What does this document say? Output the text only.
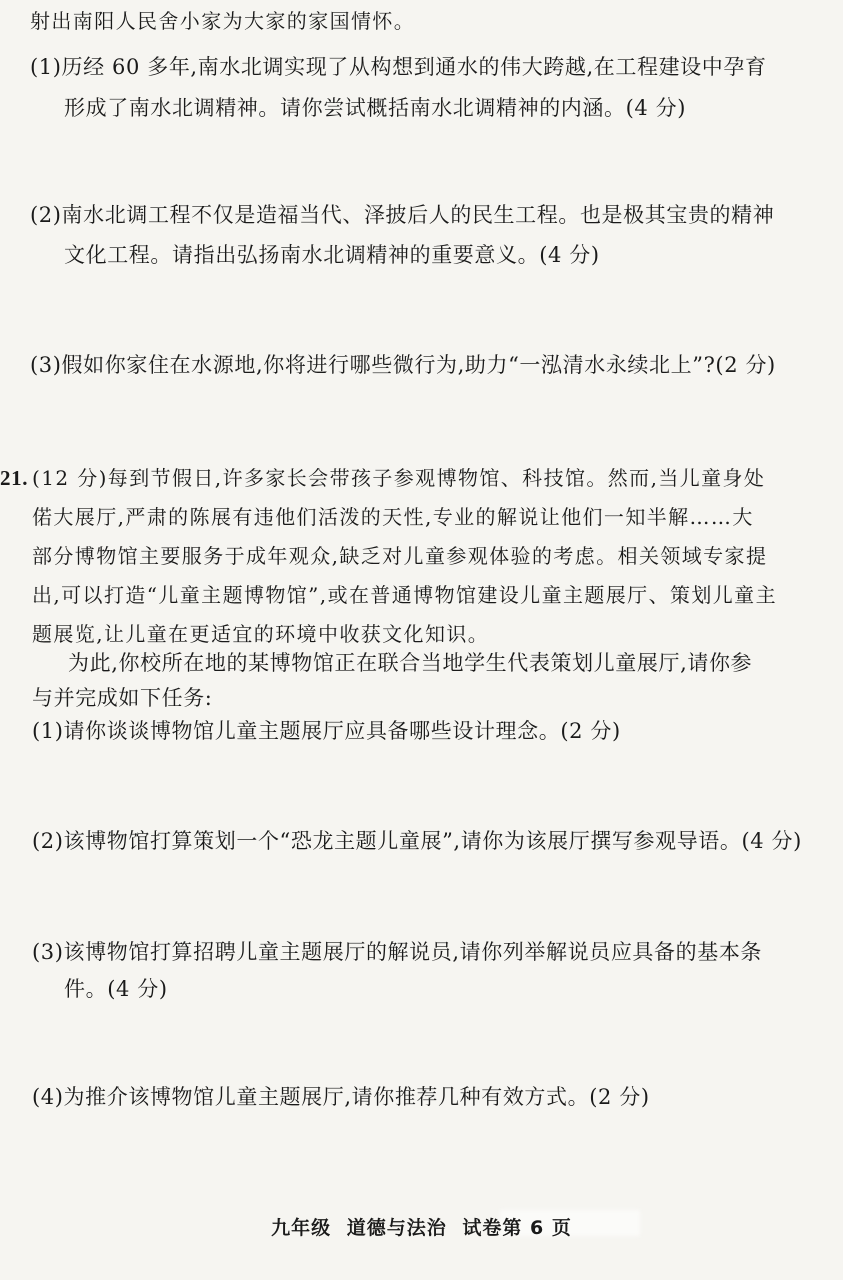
射出南阳人民舍小家为大家的家国情怀。
(1)历经 60 多年,南水北调实现了从构想到通水的伟大跨越,在工程建设中孕育
形成了南水北调精神。请你尝试概括南水北调精神的内涵。(4 分)
(2)南水北调工程不仅是造福当代、泽披后人的民生工程。也是极其宝贵的精神
文化工程。请指出弘扬南水北调精神的重要意义。(4 分)
(3)假如你家住在水源地,你将进行哪些微行为,助力“一泓清水永续北上”?(2 分)
21. (12 分)每到节假日,许多家长会带孩子参观博物馆、科技馆。然而,当儿童身处
偌大展厅,严肃的陈展有违他们活泼的天性,专业的解说让他们一知半解……大
部分博物馆主要服务于成年观众,缺乏对儿童参观体验的考虑。相关领域专家提
出,可以打造“儿童主题博物馆”,或在普通博物馆建设儿童主题展厅、策划儿童主
题展览,让儿童在更适宜的环境中收获文化知识。
为此,你校所在地的某博物馆正在联合当地学生代表策划儿童展厅,请你参
与并完成如下任务:
(1)请你谈谈博物馆儿童主题展厅应具备哪些设计理念。(2 分)
(2)该博物馆打算策划一个“恐龙主题儿童展”,请你为该展厅撰写参观导语。(4 分)
(3)该博物馆打算招聘儿童主题展厅的解说员,请你列举解说员应具备的基本条
件。(4 分)
(4)为推介该博物馆儿童主题展厅,请你推荐几种有效方式。(2 分)
九年级 道德与法治 试卷第 6 页
